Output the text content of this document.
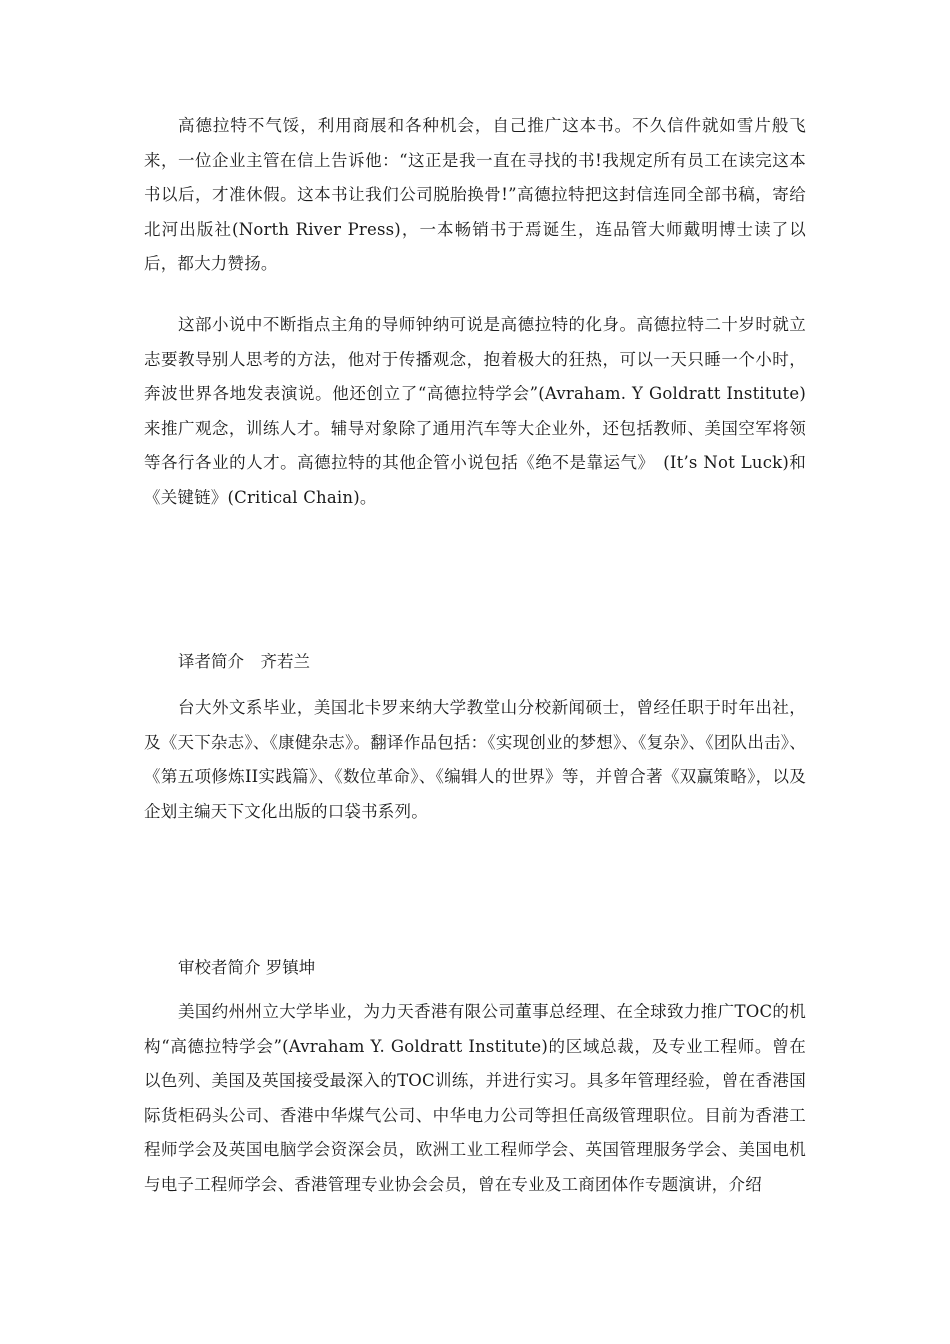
高德拉特不气馁，利用商展和各种机会，自己推广这本书。不久信件就如雪片般飞来，一位企业主管在信上告诉他：“这正是我一直在寻找的书!我规定所有员工在读完这本书以后，才准休假。这本书让我们公司脱胎换骨!”高德拉特把这封信连同全部书稿，寄给北河出版社(North River Press)，一本畅销书于焉诞生，连品管大师戴明博士读了以后，都大力赞扬。

这部小说中不断指点主角的导师钟纳可说是高德拉特的化身。高德拉特二十岁时就立志要教导别人思考的方法，他对于传播观念，抱着极大的狂热，可以一天只睡一个小时，奔波世界各地发表演说。他还创立了“高德拉特学会”(Avraham. Y Goldratt Institute)来推广观念，训练人才。辅导对象除了通用汽车等大企业外，还包括教师、美国空军将领等各行各业的人才。高德拉特的其他企管小说包括《绝不是靠运气》　(It’s Not Luck)和《关键链》(Critical Chain)。

译者简介　齐若兰

台大外文系毕业，美国北卡罗来纳大学教堂山分校新闻硕士，曾经任职于时年出社，及《天下杂志》、《康健杂志》。翻译作品包括：《实现创业的梦想》、《复杂》、《团队出击》、《第五项修炼II实践篇》、《数位革命》、《编辑人的世界》等，并曾合著《双赢策略》，以及企划主编天下文化出版的口袋书系列。

审校者简介 罗镇坤

美国约州州立大学毕业，为力天香港有限公司董事总经理、在全球致力推广TOC的机构“高德拉特学会”(Avraham Y. Goldratt Institute)的区域总裁，及专业工程师。曾在以色列、美国及英国接受最深入的TOC训练，并进行实习。具多年管理经验，曾在香港国际货柜码头公司、香港中华煤气公司、中华电力公司等担任高级管理职位。目前为香港工程师学会及英国电脑学会资深会员，欧洲工业工程师学会、英国管理服务学会、美国电机与电子工程师学会、香港管理专业协会会员，曾在专业及工商团体作专题演讲，介绍
